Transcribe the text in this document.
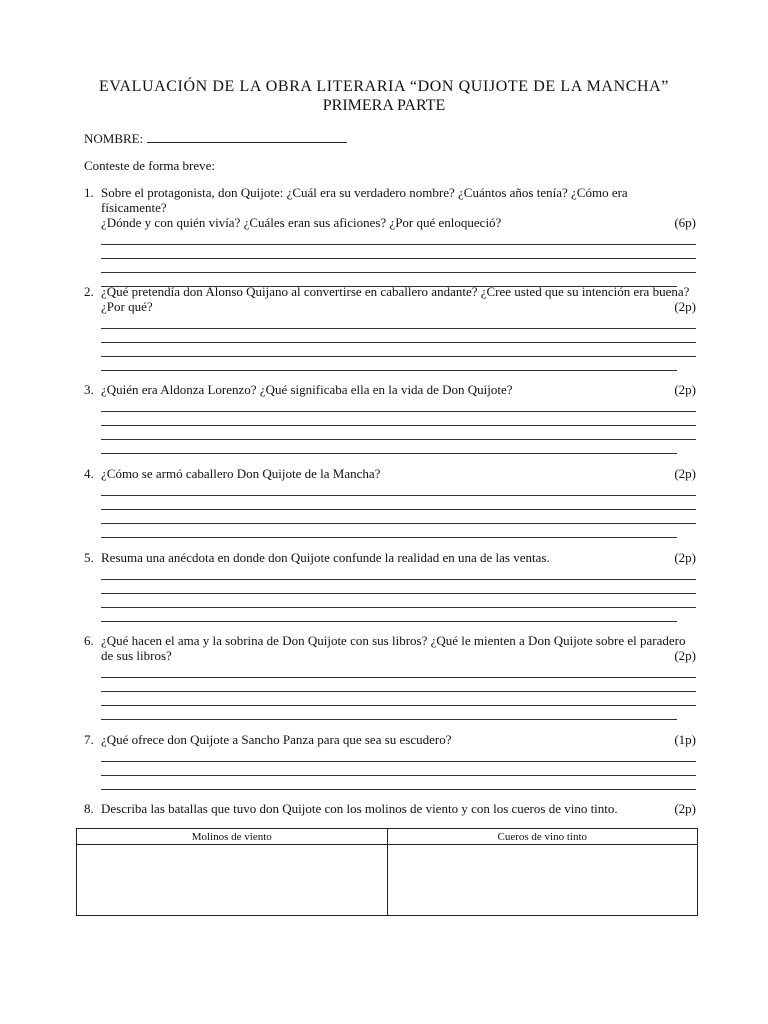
EVALUACIÓN DE LA OBRA LITERARIA “DON QUIJOTE DE LA MANCHA”
PRIMERA PARTE
NOMBRE:
Conteste de forma breve:
1. Sobre el protagonista, don Quijote: ¿Cuál era su verdadero nombre? ¿Cuántos años tenía? ¿Cómo era físicamente?
¿Dónde y con quién vivía? ¿Cuáles eran sus aficiones? ¿Por qué enloqueció?	(6p)
2. ¿Qué pretendía don Alonso Quijano al convertirse en caballero andante? ¿Cree usted que su intención era buena?
¿Por qué?	(2p)
3. ¿Quién era Aldonza Lorenzo? ¿Qué significaba ella en la vida de Don Quijote?	(2p)
4. ¿Cómo se armó caballero Don Quijote de la Mancha?	(2p)
5. Resuma una anécdota en donde don Quijote confunde la realidad en una de las ventas.	(2p)
6. ¿Qué hacen el ama y la sobrina de Don Quijote con sus libros? ¿Qué le mienten a Don Quijote sobre el paradero
de sus libros?	(2p)
7. ¿Qué ofrece don Quijote a Sancho Panza para que sea su escudero?	(1p)
8. Describa las batallas que tuvo don Quijote con los molinos de viento y con los cueros de vino tinto.	(2p)
Molinos de viento	Cueros de vino tinto
